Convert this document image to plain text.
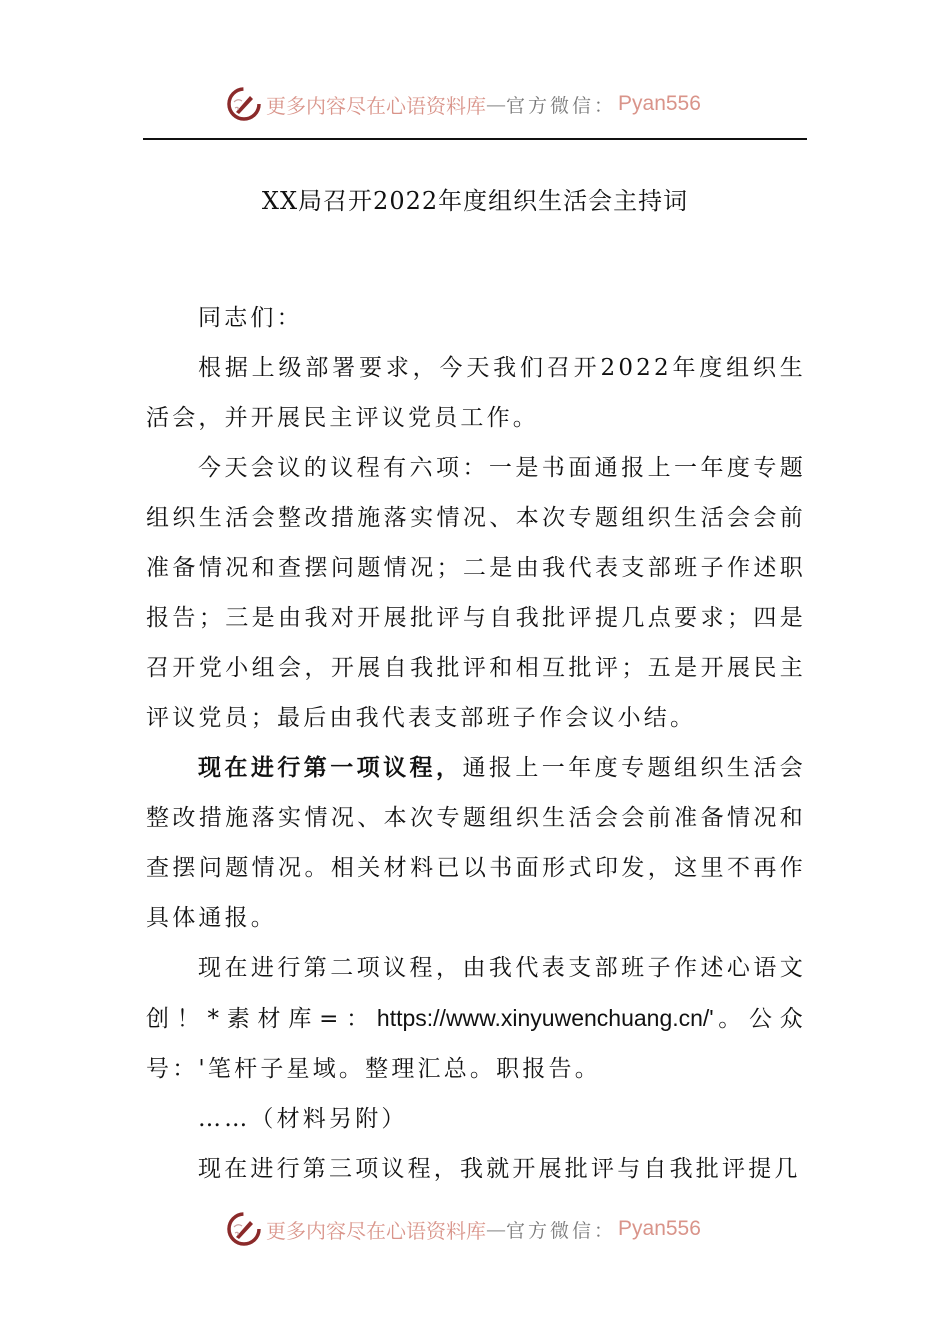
更多内容尽在心语资料库 — 官方微信： Pyan556
XX局召开2022年度组织生活会主持词

同志们：

根据上级部署要求，今天我们召开2022年度组织生活会，并开展民主评议党员工作。

今天会议的议程有六项：一是书面通报上一年度专题组织生活会整改措施落实情况、本次专题组织生活会会前准备情况和查摆问题情况；二是由我代表支部班子作述职报告；三是由我对开展批评与自我批评提几点要求；四是召开党小组会，开展自我批评和相互批评；五是开展民主评议党员；最后由我代表支部班子作会议小结。

现在进行第一项议程，通报上一年度专题组织生活会整改措施落实情况、本次专题组织生活会会前准备情况和查摆问题情况。相关材料已以书面形式印发，这里不再作具体通报。

现在进行第二项议程，由我代表支部班子作述心语文创！*素材库=：https://www.xinyuwenchuang.cn/'。公众号：'笔杆子星域。整理汇总。职报告。

……（材料另附）

现在进行第三项议程，我就开展批评与自我批评提几

更多内容尽在心语资料库 — 官方微信： Pyan556
